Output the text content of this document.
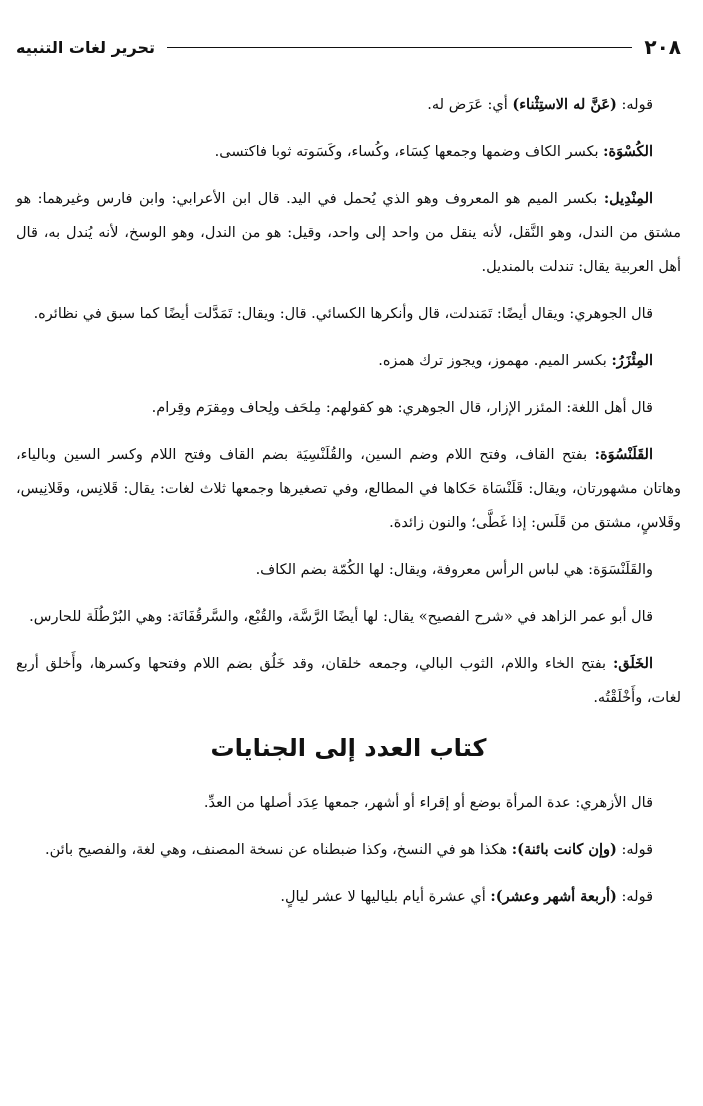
٢٠٨
تحرير لغات التنبيه

قوله: (عَنَّ له الاستِثْناء) أي: عَرَض له.

الكُسْوَة: بكسر الكاف وضمها وجمعها كِسَاء، وكُساء، وكَسَوته ثوبا فاكتسى.

المِنْدِيل: بكسر الميم هو المعروف وهو الذي يُحمل في اليد. قال ابن الأعرابي: وابن فارس وغيرهما: هو مشتق من الندل، وهو النَّقل، لأنه ينقل من واحد إلى واحد، وقيل: هو من الندل، وهو الوسخ، لأنه يُندل به، قال أهل العربية يقال: تندلت بالمنديل.

قال الجوهري: ويقال أيضًا: تَمَندلت، قال وأنكرها الكسائي. قال: ويقال: تَمَدَّلت أيضًا كما سبق في نظائره.

المِئْزَرُ: بكسر الميم. مهموز، ويجوز ترك همزه.

قال أهل اللغة: المئزر الإزار، قال الجوهري: هو كقولهم: مِلحَف ولِحاف ومِقرَم وقِرام.

القَلَنْسُوَة: بفتح القاف، وفتح اللام وضم السين، والقُلَنْسِيَة بضم القاف وفتح اللام وكسر السين وبالياء، وهاتان مشهورتان، ويقال: قَلَنْسَاة حَكاها في المطالع، وفي تصغيرها وجمعها ثلاث لغات: يقال: قَلانِس، وقَلانِيس، وقَلاسٍ، مشتق من قَلَس: إذا غَطَّى؛ والنون زائدة.

والقَلَنْسَوَة: هي لباس الرأس معروفة، ويقال: لها الكُمّة بضم الكاف.

قال أبو عمر الزاهد في «شرح الفصيح» يقال: لها أيضًا الرَّسَّة، والقُبْع، والسَّرقُفَانَة: وهي البُرْطُلَة للحارس.

الخَلَق: بفتح الخاء واللام، الثوب البالي، وجمعه خلقان، وقد خَلُق بضم اللام وفتحها وكسرها، وأَخلق أربع لغات، وأَخْلَقْتُه.

كتاب العدد إلى الجنايات

قال الأزهري: عدة المرأة بوضع أو إقراء أو أشهر، جمعها عِدَد أصلها من العدِّ.

قوله: (وإن كانت بائنة): هكذا هو في النسخ، وكذا ضبطناه عن نسخة المصنف، وهي لغة، والفصيح بائن.

قوله: (أربعة أشهر وعشر): أي عشرة أيام بلياليها لا عشر ليالٍ.
